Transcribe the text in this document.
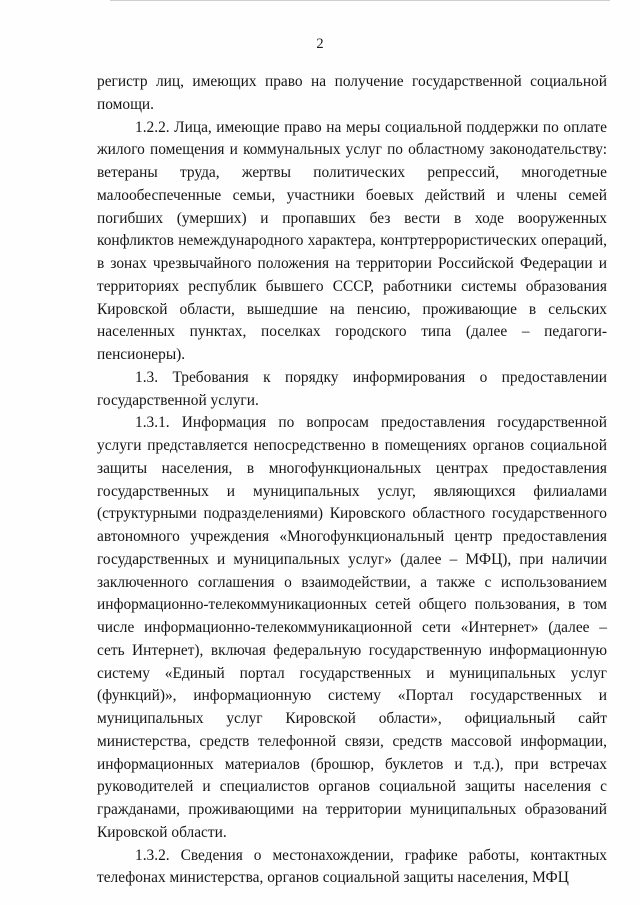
2

регистр лиц, имеющих право на получение государственной социальной помощи.

1.2.2. Лица, имеющие право на меры социальной поддержки по оплате жилого помещения и коммунальных услуг по областному законодательству: ветераны труда, жертвы политических репрессий, многодетные малообеспеченные семьи, участники боевых действий и члены семей погибших (умерших) и пропавших без вести в ходе вооруженных конфликтов немеждународного характера, контртеррористических операций, в зонах чрезвычайного положения на территории Российской Федерации и территориях республик бывшего СССР, работники системы образования Кировской области, вышедшие на пенсию, проживающие в сельских населенных пунктах, поселках городского типа (далее – педагоги-пенсионеры).

1.3. Требования к порядку информирования о предоставлении государственной услуги.

1.3.1. Информация по вопросам предоставления государственной услуги представляется непосредственно в помещениях органов социальной защиты населения, в многофункциональных центрах предоставления государственных и муниципальных услуг, являющихся филиалами (структурными подразделениями) Кировского областного государственного автономного учреждения «Многофункциональный центр предоставления государственных и муниципальных услуг» (далее – МФЦ), при наличии заключенного соглашения о взаимодействии, а также с использованием информационно-телекоммуникационных сетей общего пользования, в том числе информационно-телекоммуникационной сети «Интернет» (далее – сеть Интернет), включая федеральную государственную информационную систему «Единый портал государственных и муниципальных услуг (функций)», информационную систему «Портал государственных и муниципальных услуг Кировской области», официальный сайт министерства, средств телефонной связи, средств массовой информации, информационных материалов (брошюр, буклетов и т.д.), при встречах руководителей и специалистов органов социальной защиты населения с гражданами, проживающими на территории муниципальных образований Кировской области.

1.3.2. Сведения о местонахождении, графике работы, контактных телефонах министерства, органов социальной защиты населения, МФЦ
